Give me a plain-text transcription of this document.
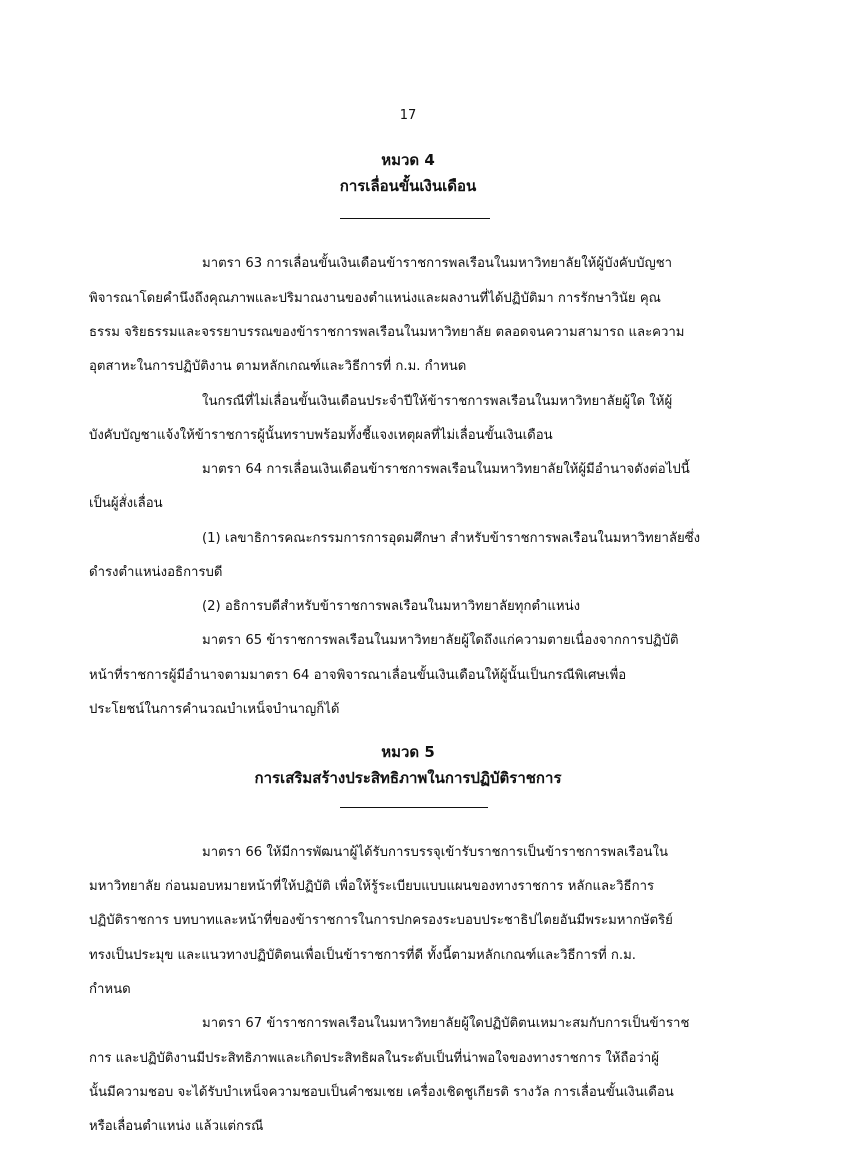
17
หมวด 4
การเลื่อนขั้นเงินเดือน
มาตรา 63 การเลื่อนขั้นเงินเดือนข้าราชการพลเรือนในมหาวิทยาลัยให้ผู้บังคับบัญชา
พิจารณาโดยคำนึงถึงคุณภาพและปริมาณงานของตำแหน่งและผลงานที่ได้ปฏิบัติมา การรักษาวินัย คุณ
ธรรม จริยธรรมและจรรยาบรรณของข้าราชการพลเรือนในมหาวิทยาลัย ตลอดจนความสามารถ และความ
อุตสาหะในการปฏิบัติงาน ตามหลักเกณฑ์และวิธีการที่ ก.ม. กำหนด
ในกรณีที่ไม่เลื่อนขั้นเงินเดือนประจำปีให้ข้าราชการพลเรือนในมหาวิทยาลัยผู้ใด ให้ผู้
บังคับบัญชาแจ้งให้ข้าราชการผู้นั้นทราบพร้อมทั้งชี้แจงเหตุผลที่ไม่เลื่อนขั้นเงินเดือน
มาตรา 64 การเลื่อนเงินเดือนข้าราชการพลเรือนในมหาวิทยาลัยให้ผู้มีอำนาจดังต่อไปนี้
เป็นผู้สั่งเลื่อน
(1) เลขาธิการคณะกรรมการการอุดมศึกษา สำหรับข้าราชการพลเรือนในมหาวิทยาลัยซึ่ง
ดำรงตำแหน่งอธิการบดี
(2) อธิการบดีสำหรับข้าราชการพลเรือนในมหาวิทยาลัยทุกตำแหน่ง
มาตรา 65 ข้าราชการพลเรือนในมหาวิทยาลัยผู้ใดถึงแก่ความตายเนื่องจากการปฏิบัติ
หน้าที่ราชการผู้มีอำนาจตามมาตรา 64 อาจพิจารณาเลื่อนขั้นเงินเดือนให้ผู้นั้นเป็นกรณีพิเศษเพื่อ
ประโยชน์ในการคำนวณบำเหน็จบำนาญก็ได้
หมวด 5
การเสริมสร้างประสิทธิภาพในการปฏิบัติราชการ
มาตรา 66 ให้มีการพัฒนาผู้ได้รับการบรรจุเข้ารับราชการเป็นข้าราชการพลเรือนใน
มหาวิทยาลัย ก่อนมอบหมายหน้าที่ให้ปฏิบัติ เพื่อให้รู้ระเบียบแบบแผนของทางราชการ หลักและวิธีการ
ปฏิบัติราชการ บทบาทและหน้าที่ของข้าราชการในการปกครองระบอบประชาธิปไตยอันมีพระมหากษัตริย์
ทรงเป็นประมุข และแนวทางปฏิบัติตนเพื่อเป็นข้าราชการที่ดี ทั้งนี้ตามหลักเกณฑ์และวิธีการที่ ก.ม.
กำหนด
มาตรา 67 ข้าราชการพลเรือนในมหาวิทยาลัยผู้ใดปฏิบัติตนเหมาะสมกับการเป็นข้าราช
การ และปฏิบัติงานมีประสิทธิภาพและเกิดประสิทธิผลในระดับเป็นที่น่าพอใจของทางราชการ ให้ถือว่าผู้
นั้นมีความชอบ จะได้รับบำเหน็จความชอบเป็นคำชมเชย เครื่องเชิดชูเกียรติ รางวัล การเลื่อนขั้นเงินเดือน
หรือเลื่อนตำแหน่ง แล้วแต่กรณี
